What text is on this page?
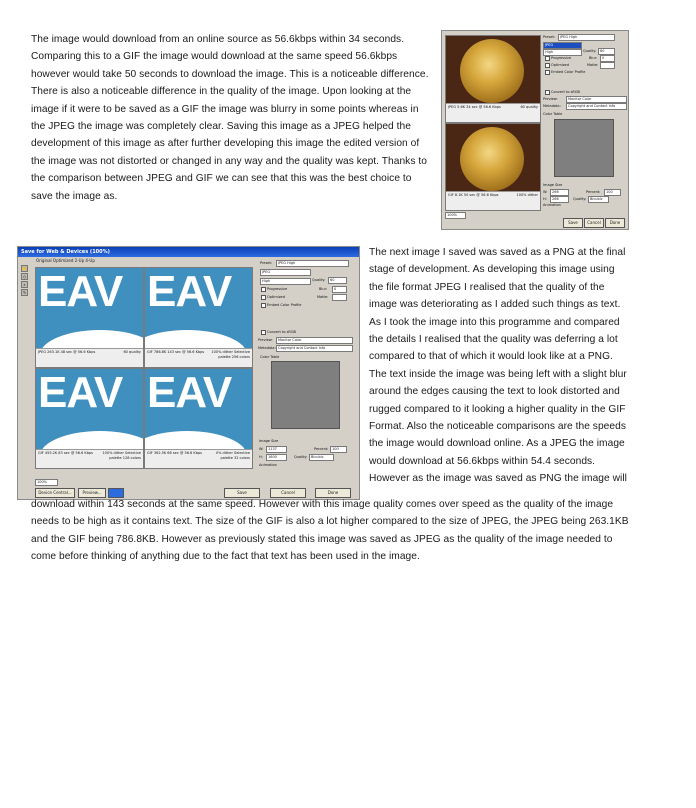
The image would download from an online source as 56.6kbps within 34 seconds. Comparing this to a GIF the image would download at the same speed 56.6kbps however would take 50 seconds to download the image. This is a noticeable difference. There is also a noticeable difference in the quality of the image. Upon looking at the image if it were to be saved as a GIF the image was blurry in some points whereas in the JPEG the image was completely clear. Saving this image as a JPEG helped the development of this image as after further developing this image the edited version of the image was not distorted or changed in any way and the quality was kept. Thanks to the comparison between JPEG and GIF we can see that this was the best choice to save the image as.
JPEG 5.6K 34 sec @ 56.6 Kbps	60 quality
GIF 8.1K 50 sec @ 56.6 Kbps	100% dither
100%
Preset:	JPEG High
JPEG
High	Quality:	60
Progressive	Blur:	0
Optimized	Matte:
Embed Color Profile
Convert to sRGB
Preview:	Monitor Color
Metadata:	Copyright and Contact Info
Color Table
Image Size
W:	266	Percent:	100
H:	266	Quality:	Bicubic
Animation
Save	Cancel	Done
Save for Web & Devices (100%)
Original Optimized 2-Up 4-Up
✋
◇
⌕
✎ EAV
JPEG 263.1K 48 sec @ 56.6 Kbps	60 quality
EAV
GIF 786.8K 143 sec @ 56.6 Kbps	100% dither Selective palette 256 colors
EAV
GIF 455.2K 83 sec @ 56.6 Kbps	100% dither Selective palette 128 colors
EAV
GIF 362.5K 66 sec @ 56.6 Kbps	0% dither Selective palette 32 colors
Preset:	JPEG High
JPEG
High	Quality:	60
Progressive	Blur:	0
Optimized	Matte:
Embed Color Profile
Convert to sRGB
Preview:	Monitor Color
Metadata: Copyright and Contact Info
Color Table
Image Size
W:	1137	Percent:	100
H:	1600	Quality:	Bicubic
Animation
100%
Device Central...	Preview...	Save	Cancel	Done
The next image I saved was saved as a PNG at the final stage of development. As developing this image using the file format JPEG I realised that the quality of the image was deteriorating as I added such things as text. As I took the image into this programme and compared the details I realised that the quality was deferring a lot compared to that of which it would look like at a PNG. The text inside the image was being left with a slight blur around the edges causing the text to look distorted and rugged compared to it looking a higher quality in the GIF Format. Also the noticeable comparisons are the speeds the image would download online. As a JPEG the image would download at 56.6kbps within 54.4 seconds. However as the image was saved as PNG the image will
download within 143 seconds at the same speed. However with this image quality comes over speed as the quality of the image needs to be high as it contains text. The size of the GIF is also a lot higher compared to the size of JPEG, the JPEG being 263.1KB and the GIF being 786.8KB. However as previously stated this image was saved as JPEG as the quality of the image needed to come before thinking of anything due to the fact that text has been used in the image.
